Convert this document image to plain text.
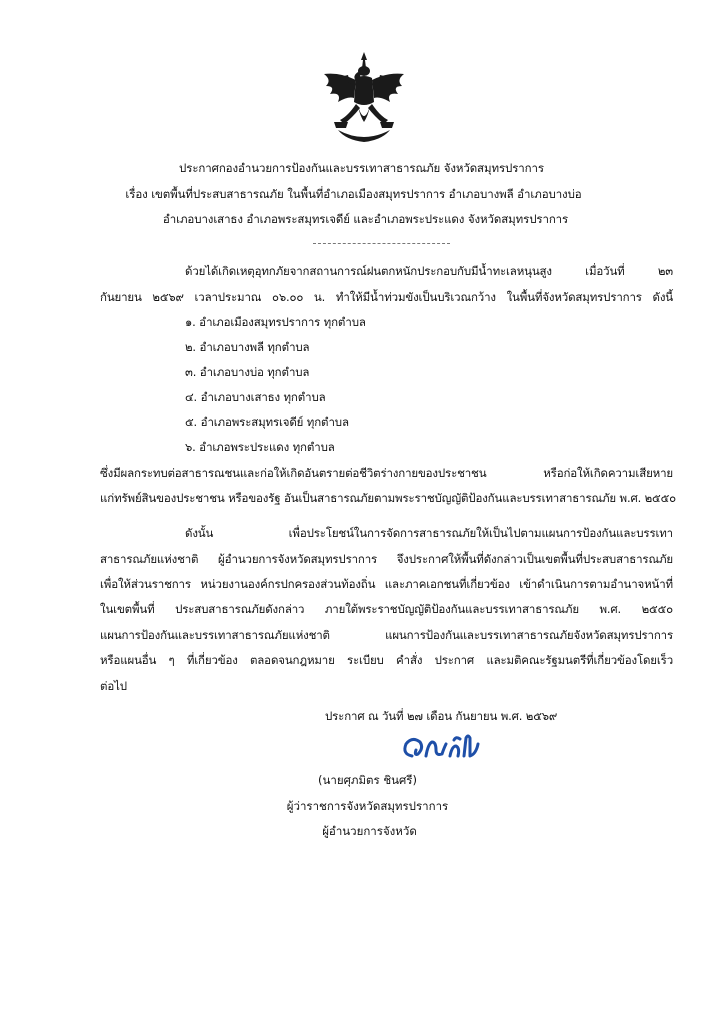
ประกาศกองอำนวยการป้องกันและบรรเทาสาธารณภัย จังหวัดสมุทรปราการ
เรื่อง เขตพื้นที่ประสบสาธารณภัย ในพื้นที่อำเภอเมืองสมุทรปราการ อำเภอบางพลี อำเภอบางบ่อ
อำเภอบางเสาธง อำเภอพระสมุทรเจดีย์ และอำเภอพระประแดง จังหวัดสมุทรปราการ
ด้วยได้เกิดเหตุอุทกภัยจากสถานการณ์ฝนตกหนักประกอบกับมีน้ำทะเลหนุนสูง เมื่อวันที่ ๒๓
กันยายน ๒๕๖๙ เวลาประมาณ ๐๖.๐๐ น. ทำให้มีน้ำท่วมขังเป็นบริเวณกว้าง ในพื้นที่จังหวัดสมุทรปราการ ดังนี้
๑. อำเภอเมืองสมุทรปราการ ทุกตำบล
๒. อำเภอบางพลี ทุกตำบล
๓. อำเภอบางบ่อ ทุกตำบล
๔. อำเภอบางเสาธง ทุกตำบล
๕. อำเภอพระสมุทรเจดีย์ ทุกตำบล
๖. อำเภอพระประแดง ทุกตำบล
ซึ่งมีผลกระทบต่อสาธารณชนและก่อให้เกิดอันตรายต่อชีวิตร่างกายของประชาชน หรือก่อให้เกิดความเสียหาย
แก่ทรัพย์สินของประชาชน หรือของรัฐ อันเป็นสาธารณภัยตามพระราชบัญญัติป้องกันและบรรเทาสาธารณภัย พ.ศ. ๒๕๕๐
ดังนั้น เพื่อประโยชน์ในการจัดการสาธารณภัยให้เป็นไปตามแผนการป้องกันและบรรเทา
สาธารณภัยแห่งชาติ ผู้อำนวยการจังหวัดสมุทรปราการ จึงประกาศให้พื้นที่ดังกล่าวเป็นเขตพื้นที่ประสบสาธารณภัย
เพื่อให้ส่วนราชการ หน่วยงานองค์กรปกครองส่วนท้องถิ่น และภาคเอกชนที่เกี่ยวข้อง เข้าดำเนินการตามอำนาจหน้าที่
ในเขตพื้นที่ ประสบสาธารณภัยดังกล่าว ภายใต้พระราชบัญญัติป้องกันและบรรเทาสาธารณภัย พ.ศ. ๒๕๕๐
แผนการป้องกันและบรรเทาสาธารณภัยแห่งชาติ แผนการป้องกันและบรรเทาสาธารณภัยจังหวัดสมุทรปราการ
หรือแผนอื่น ๆ ที่เกี่ยวข้อง ตลอดจนกฎหมาย ระเบียบ คำสั่ง ประกาศ และมติคณะรัฐมนตรีที่เกี่ยวข้องโดยเร็ว
ต่อไป
ประกาศ ณ วันที่ ๒๗ เดือน กันยายน พ.ศ. ๒๕๖๙
(นายศุภมิตร ชินศรี)
ผู้ว่าราชการจังหวัดสมุทรปราการ
ผู้อำนวยการจังหวัด
